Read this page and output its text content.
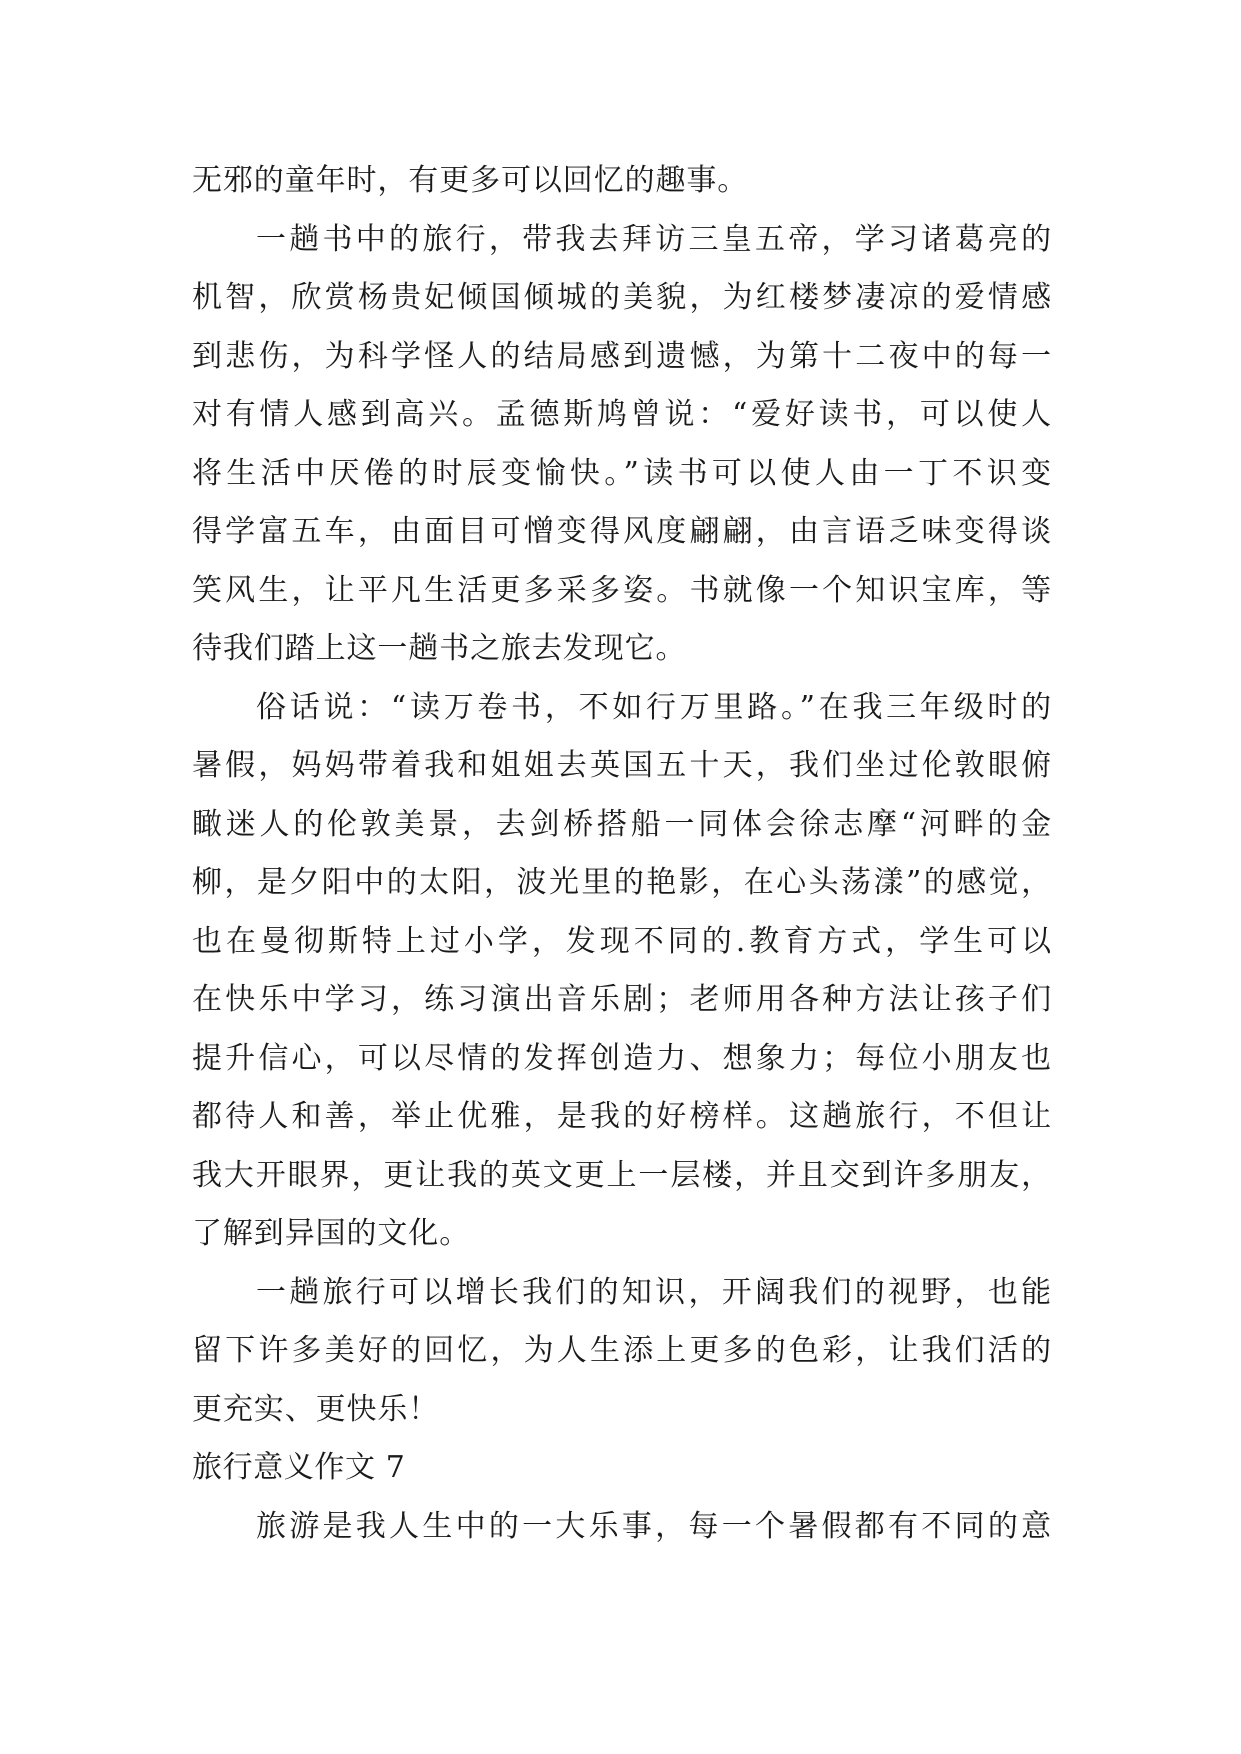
无邪的童年时，有更多可以回忆的趣事。
一趟书中的旅行，带我去拜访三皇五帝，学习诸葛亮的
机智，欣赏杨贵妃倾国倾城的美貌，为红楼梦凄凉的爱情感
到悲伤，为科学怪人的结局感到遗憾，为第十二夜中的每一
对有情人感到高兴。孟德斯鸠曾说：“爱好读书，可以使人
将生活中厌倦的时辰变愉快。”读书可以使人由一丁不识变
得学富五车，由面目可憎变得风度翩翩，由言语乏味变得谈
笑风生，让平凡生活更多采多姿。书就像一个知识宝库，等
待我们踏上这一趟书之旅去发现它。
俗话说：“读万卷书，不如行万里路。”在我三年级时的
暑假，妈妈带着我和姐姐去英国五十天，我们坐过伦敦眼俯
瞰迷人的伦敦美景，去剑桥搭船一同体会徐志摩“河畔的金
柳，是夕阳中的太阳，波光里的艳影，在心头荡漾”的感觉，
也在曼彻斯特上过小学，发现不同的.教育方式，学生可以
在快乐中学习，练习演出音乐剧；老师用各种方法让孩子们
提升信心，可以尽情的发挥创造力、想象力；每位小朋友也
都待人和善，举止优雅，是我的好榜样。这趟旅行，不但让
我大开眼界，更让我的英文更上一层楼，并且交到许多朋友，
了解到异国的文化。
一趟旅行可以增长我们的知识，开阔我们的视野，也能
留下许多美好的回忆，为人生添上更多的色彩，让我们活的
更充实、更快乐！
旅行意义作文 7
旅游是我人生中的一大乐事，每一个暑假都有不同的意
